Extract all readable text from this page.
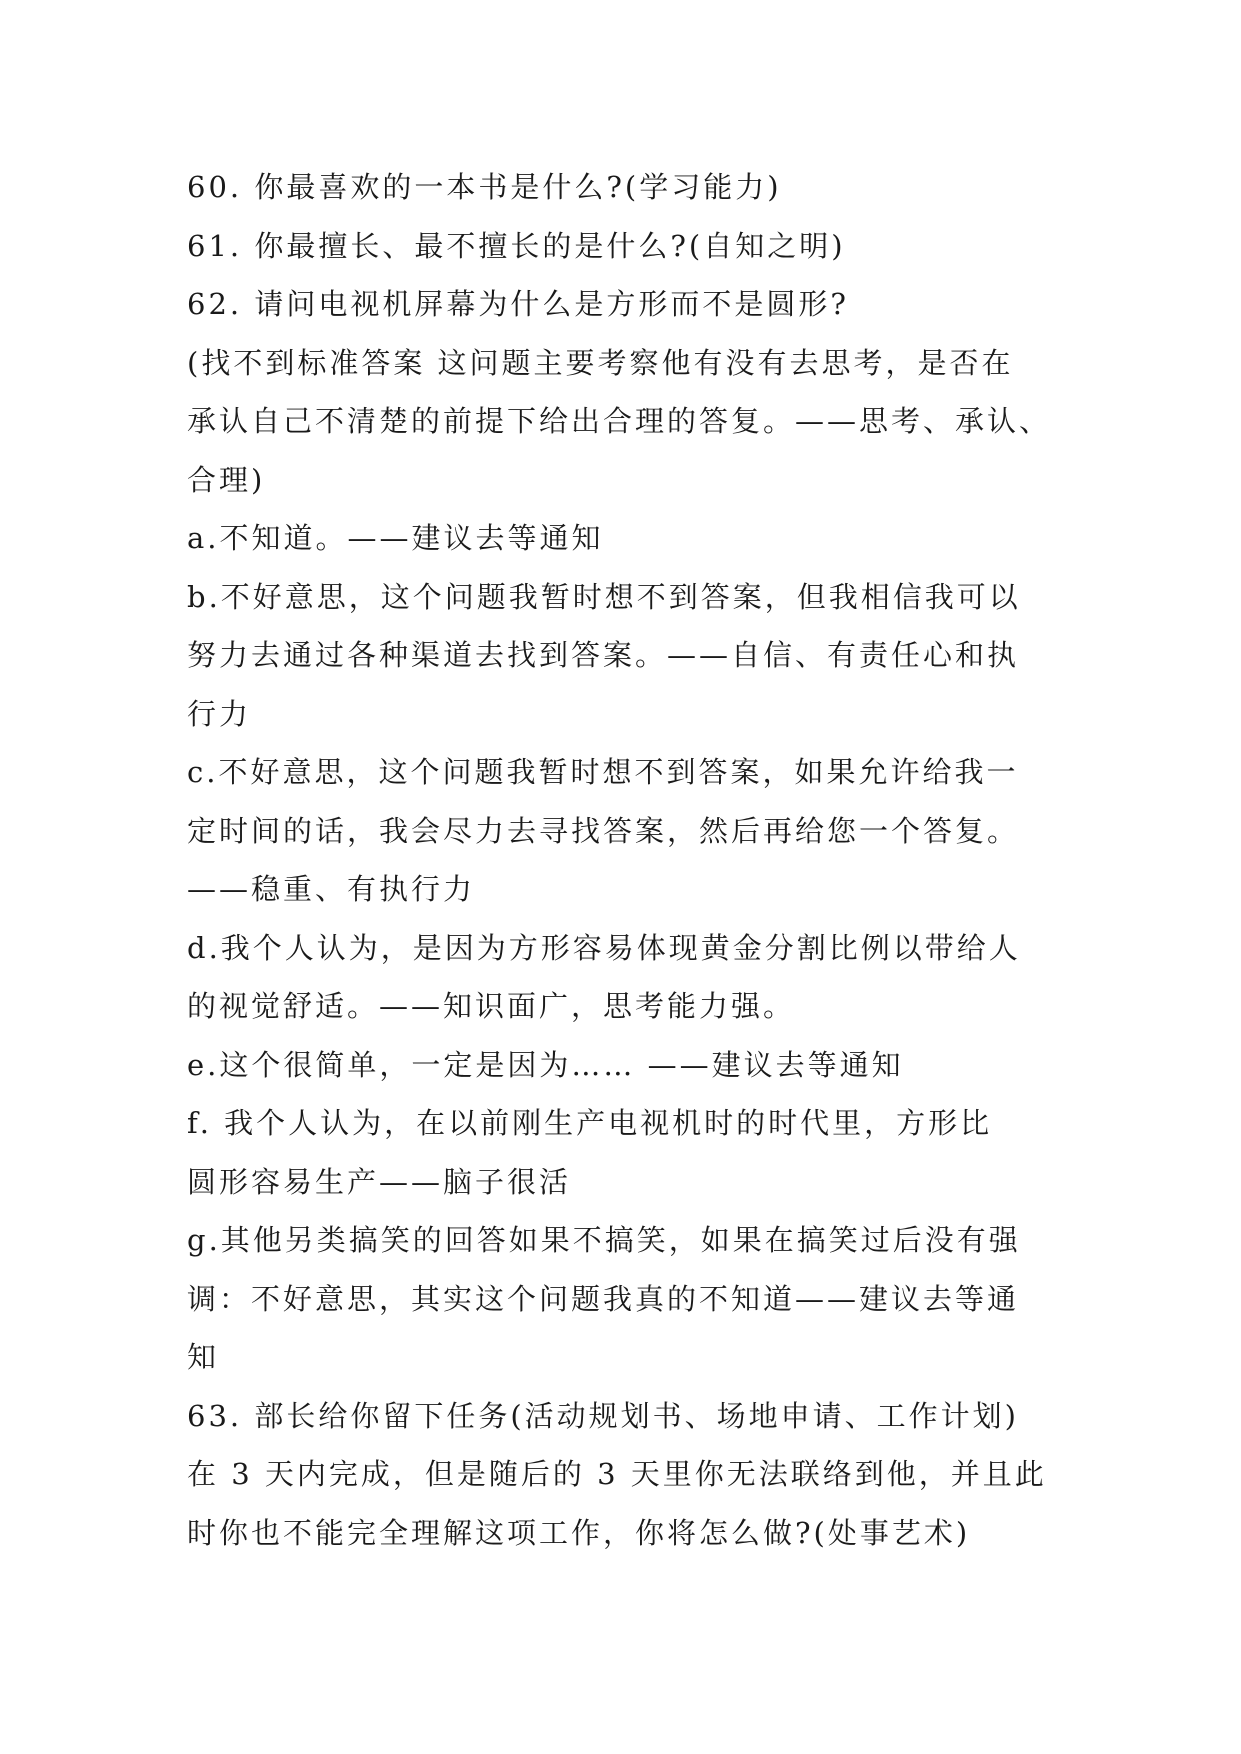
60. 你最喜欢的一本书是什么?(学习能力)
61. 你最擅长、最不擅长的是什么?(自知之明)
62. 请问电视机屏幕为什么是方形而不是圆形?
(找不到标准答案 这问题主要考察他有没有去思考，是否在
承认自己不清楚的前提下给出合理的答复。——思考、承认、
合理)
a.不知道。——建议去等通知
b.不好意思，这个问题我暂时想不到答案，但我相信我可以
努力去通过各种渠道去找到答案。——自信、有责任心和执
行力
c.不好意思，这个问题我暂时想不到答案，如果允许给我一
定时间的话，我会尽力去寻找答案，然后再给您一个答复。
——稳重、有执行力
d.我个人认为，是因为方形容易体现黄金分割比例以带给人
的视觉舒适。——知识面广，思考能力强。
e.这个很简单，一定是因为…… ——建议去等通知
f. 我个人认为，在以前刚生产电视机时的时代里，方形比
圆形容易生产——脑子很活
g.其他另类搞笑的回答如果不搞笑，如果在搞笑过后没有强
调：不好意思，其实这个问题我真的不知道——建议去等通
知
63. 部长给你留下任务(活动规划书、场地申请、工作计划)
在 3 天内完成，但是随后的 3 天里你无法联络到他，并且此
时你也不能完全理解这项工作，你将怎么做?(处事艺术)
